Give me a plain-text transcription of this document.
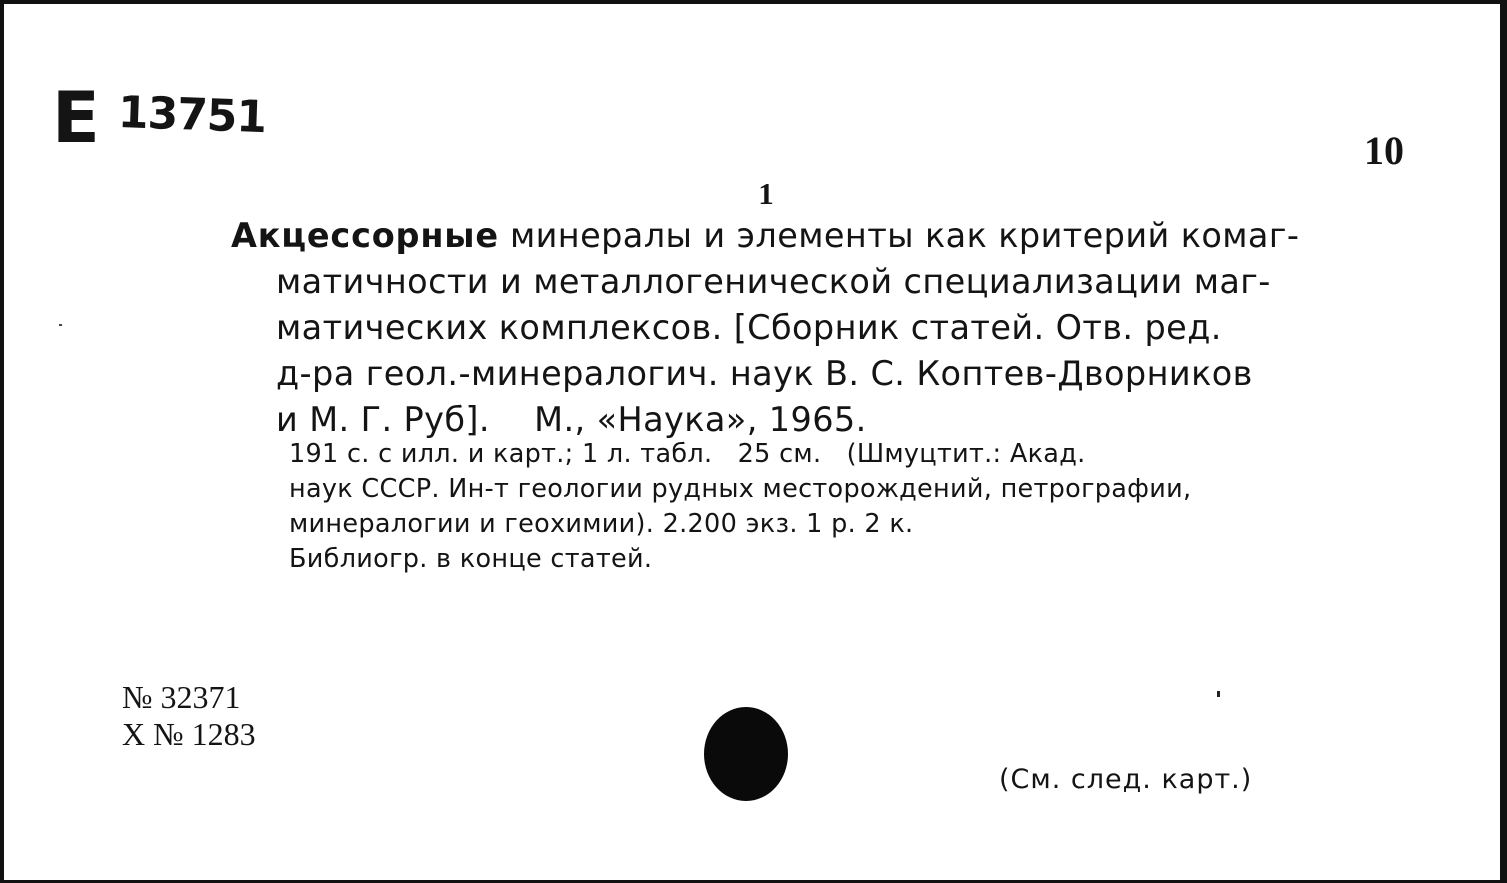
Е 13751
10
1
Акцессорные минералы и элементы как критерий комаг-
матичности и металлогенической специализации маг-
матических комплексов. [Сборник статей. Отв. ред.
д-ра геол.-минералогич. наук В. С. Коптев-Дворников
и М. Г. Руб].    М., «Наука», 1965.
191 с. с илл. и карт.; 1 л. табл.   25 см.   (Шмуцтит.: Акад.
наук СССР. Ин-т геологии рудных месторождений, петрографии,
минералогии и геохимии). 2.200 экз. 1 р. 2 к.
Библиогр. в конце статей.
№ 32371
Х № 1283
(См. след. карт.)
